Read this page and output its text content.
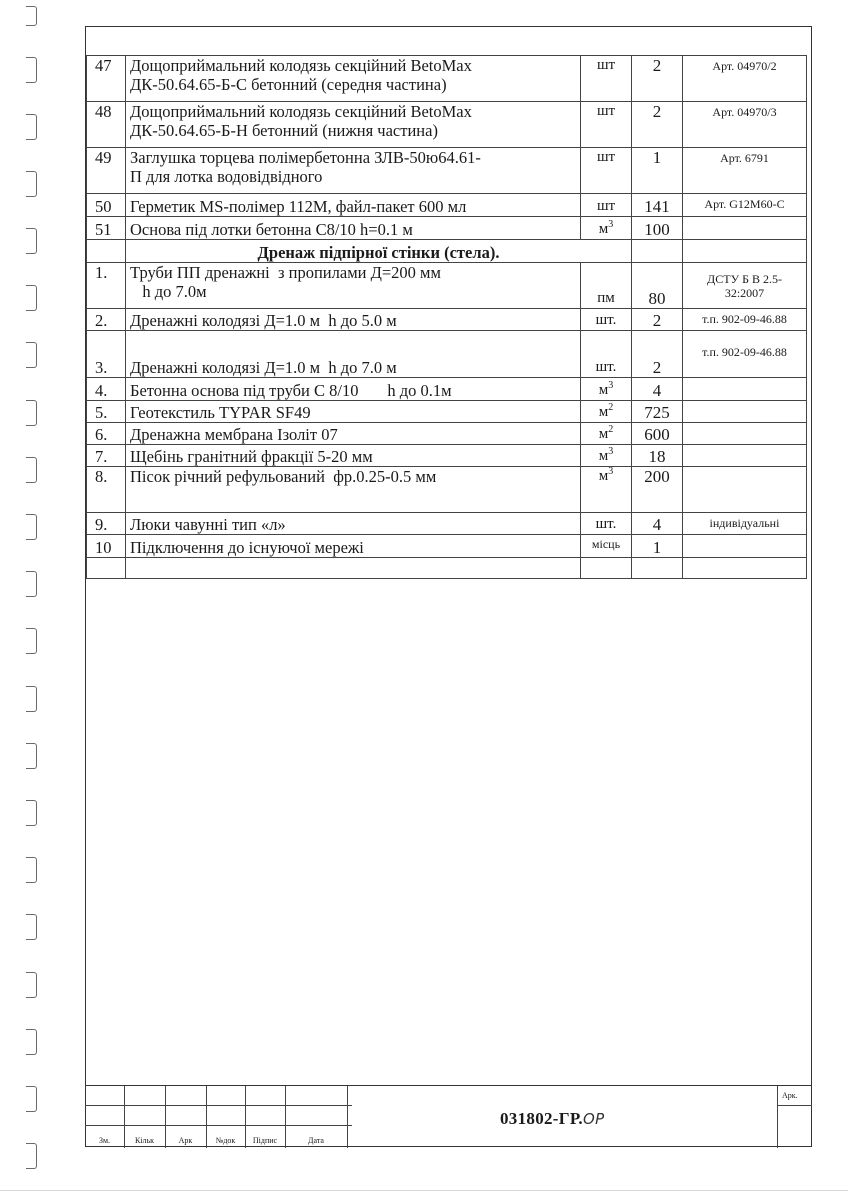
47	Дощоприймальний колодязь секційний BetoMax
ДК-50.64.65-Б-С бетонний (середня частина)	шт	2	Арт. 04970/2
48	Дощоприймальний колодязь секційний BetoMax
ДК-50.64.65-Б-Н бетонний (нижня частина)	шт	2	Арт. 04970/3
49	Заглушка торцева полімербетонна ЗЛВ-50ю64.61-
П для лотка водовідвідного	шт	1	Арт. 6791
50	Герметик MS-полімер 112М, файл-пакет 600 мл	шт	141	Арт. G12M60-C
51	Основа під лотки бетонна С8/10 h=0.1 м	$м^3$	100	
	Дренаж підпірної стінки (стела).			
1.	Труби ПП дренажні  з пропилами Д=200 мм
h до 7.0м	пм	80	ДСТУ Б В 2.5-32:2007
2.	Дренажні колодязі Д=1.0 м  h до 5.0 м	шт.	2	т.п. 902-09-46.88
3.	Дренажні колодязі Д=1.0 м  h до 7.0 м	шт.	2	т.п. 902-09-46.88
4.	Бетонна основа під труби С 8/10       h до 0.1м	$м^3$	4	
5.	Геотекстиль TYPAR SF49	$м^2$	725	
6.	Дренажна мембрана Ізоліт 07	$м^2$	600	
7.	Щебінь гранітний фракції 5-20 мм	$м^3$	18	
8.	Пісок річний рефульований  фр.0.25-0.5 мм	$м^3$	200	
9.	Люки чавунні тип «л»	шт.	4	індивідуальні
10	Підключення до існуючої мережі	місць	1	

Зм.	Кільк	Арк	№док	Підпис	Дата
031802-ГР.ОР
Арк.
